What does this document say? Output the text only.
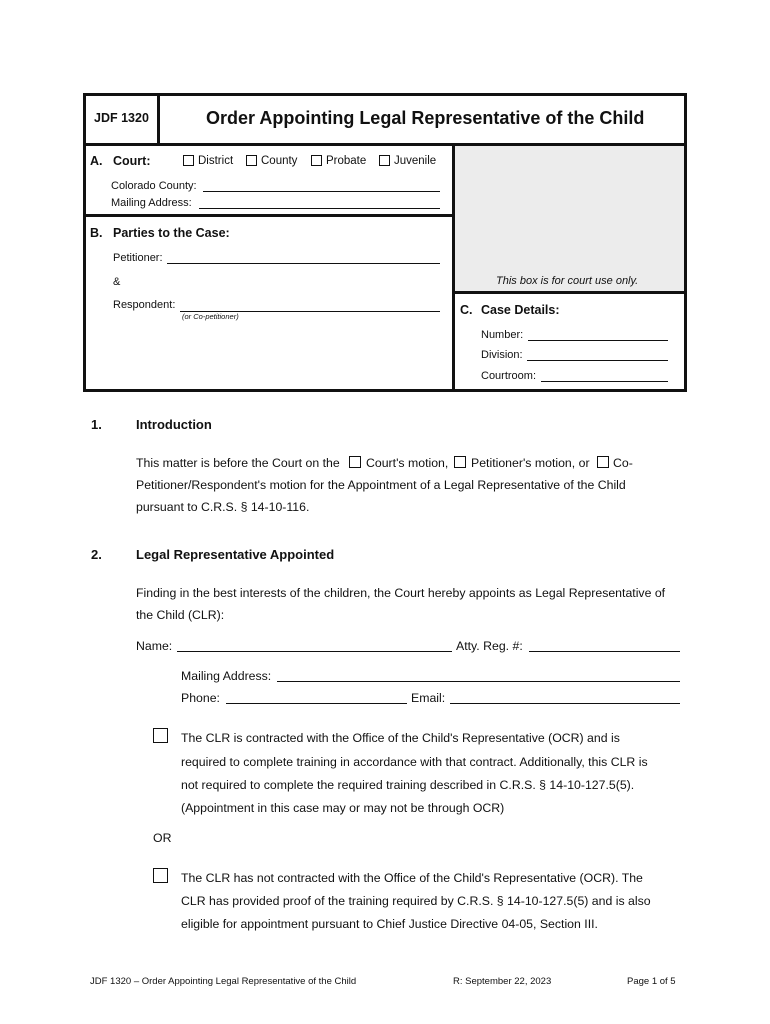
JDF 1320	Order Appointing Legal Representative of the Child
A. Court:	District County Probate Juvenile
Colorado County:
Mailing Address:
B. Parties to the Case:
Petitioner:
&
Respondent:
(or Co-petitioner)
This box is for court use only.
C. Case Details:
Number:
Division:
Courtroom:
1.	Introduction
This matter is before the Court on the Court's motion, Petitioner's motion, or Co-
Petitioner/Respondent's motion for the Appointment of a Legal Representative of the Child
pursuant to C.R.S. § 14-10-116.
2.	Legal Representative Appointed
Finding in the best interests of the children, the Court hereby appoints as Legal Representative of
the Child (CLR):
Name:	Atty. Reg. #:
Mailing Address:
Phone:	Email:
The CLR is contracted with the Office of the Child's Representative (OCR) and is
required to complete training in accordance with that contract. Additionally, this CLR is
not required to complete the required training described in C.R.S. § 14-10-127.5(5).
(Appointment in this case may or may not be through OCR)
OR
The CLR has not contracted with the Office of the Child's Representative (OCR). The
CLR has provided proof of the training required by C.R.S. § 14-10-127.5(5) and is also
eligible for appointment pursuant to Chief Justice Directive 04-05, Section III.
JDF 1320 – Order Appointing Legal Representative of the Child	R: September 22, 2023	Page 1 of 5
